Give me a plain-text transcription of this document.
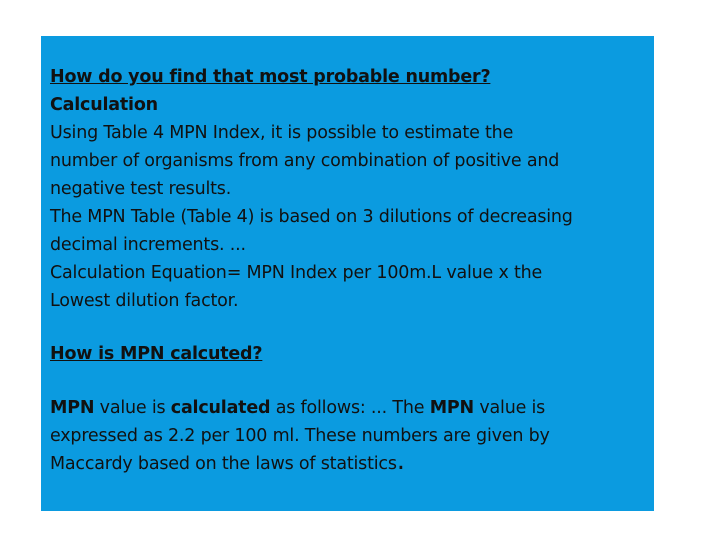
How do you find that most probable number?
Calculation
Using Table 4 MPN Index, it is possible to estimate the
number of organisms from any combination of positive and
negative test results.
The MPN Table (Table 4) is based on 3 dilutions of decreasing
decimal increments. ...
Calculation Equation= MPN Index per 100m.L value x the
Lowest dilution factor.
How is MPN calcuted?
MPN value is calculated as follows: ... The MPN value is
expressed as 2.2 per 100 ml. These numbers are given by
Maccardy based on the laws of statistics.
